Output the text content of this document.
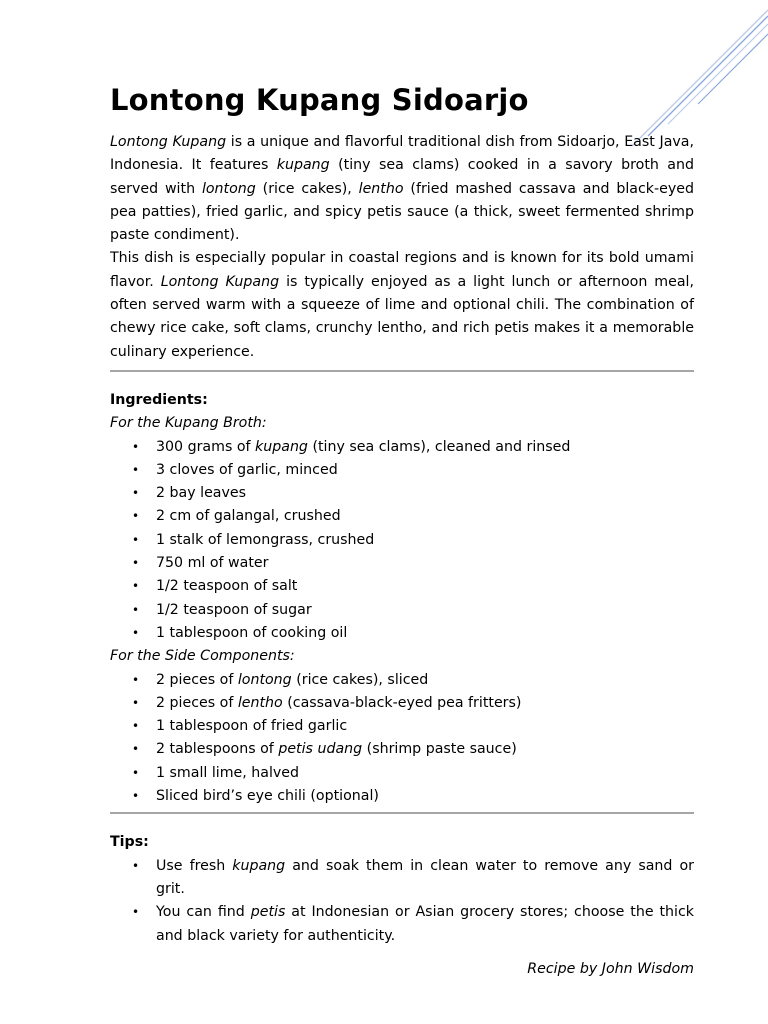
Lontong Kupang Sidoarjo

Lontong Kupang is a unique and flavorful traditional dish from Sidoarjo, East Java, Indonesia. It features kupang (tiny sea clams) cooked in a savory broth and served with lontong (rice cakes), lentho (fried mashed cassava and black-eyed pea patties), fried garlic, and spicy petis sauce (a thick, sweet fermented shrimp paste condiment).

This dish is especially popular in coastal regions and is known for its bold umami flavor. Lontong Kupang is typically enjoyed as a light lunch or afternoon meal, often served warm with a squeeze of lime and optional chili. The combination of chewy rice cake, soft clams, crunchy lentho, and rich petis makes it a memorable culinary experience.

Ingredients:

For the Kupang Broth:

• 300 grams of kupang (tiny sea clams), cleaned and rinsed
• 3 cloves of garlic, minced
• 2 bay leaves
• 2 cm of galangal, crushed
• 1 stalk of lemongrass, crushed
• 750 ml of water
• 1/2 teaspoon of salt
• 1/2 teaspoon of sugar
• 1 tablespoon of cooking oil

For the Side Components:

• 2 pieces of lontong (rice cakes), sliced
• 2 pieces of lentho (cassava-black-eyed pea fritters)
• 1 tablespoon of fried garlic
• 2 tablespoons of petis udang (shrimp paste sauce)
• 1 small lime, halved
• Sliced bird’s eye chili (optional)

Tips:

• Use fresh kupang and soak them in clean water to remove any sand or grit.
• You can find petis at Indonesian or Asian grocery stores; choose the thick and black variety for authenticity.

Recipe by John Wisdom
